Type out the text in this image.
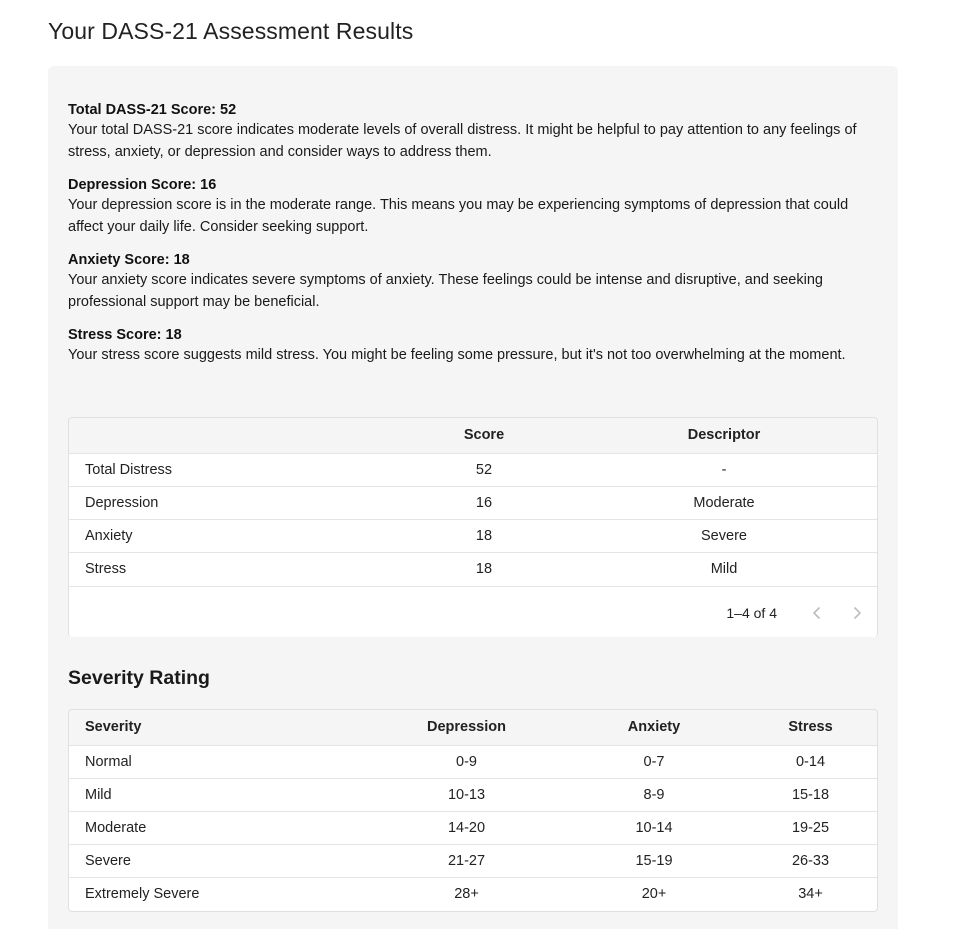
Your DASS-21 Assessment Results
Total DASS-21 Score: 52
Your total DASS-21 score indicates moderate levels of overall distress. It might be helpful to pay attention to any feelings of stress, anxiety, or depression and consider ways to address them.
Depression Score: 16
Your depression score is in the moderate range. This means you may be experiencing symptoms of depression that could affect your daily life. Consider seeking support.
Anxiety Score: 18
Your anxiety score indicates severe symptoms of anxiety. These feelings could be intense and disruptive, and seeking professional support may be beneficial.
Stress Score: 18
Your stress score suggests mild stress. You might be feeling some pressure, but it's not too overwhelming at the moment.
	Score	Descriptor	
Total Distress	52	-	
Depression	16	Moderate	
Anxiety	18	Severe	
Stress	18	Mild	
1–4 of 4
Severity Rating
Severity	Depression	Anxiety	Stress
Normal	0-9	0-7	0-14
Mild	10-13	8-9	15-18
Moderate	14-20	10-14	19-25
Severe	21-27	15-19	26-33
Extremely Severe	28+	20+	34+
